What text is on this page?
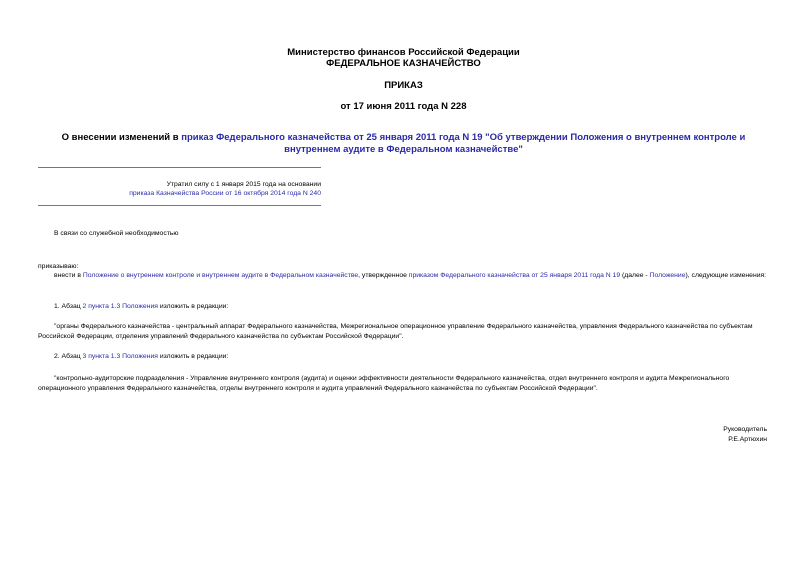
Министерство финансов Российской Федерации
ФЕДЕРАЛЬНОЕ КАЗНАЧЕЙСТВО
ПРИКАЗ
от 17 июня 2011 года N 228
О внесении изменений в приказ Федерального казначейства от 25 января 2011 года N 19 "Об утверждении Положения о внутреннем контроле и внутреннем аудите в Федеральном казначействе"
Утратил силу с 1 января 2015 года на основании
приказа Казначейства России от 16 октября 2014 года N 240
В связи со служебной необходимостью
приказываю:
внести в Положение о внутреннем контроле и внутреннем аудите в Федеральном казначействе, утвержденное приказом Федерального казначейства от 25 января 2011 года N 19 (далее - Положение), следующие изменения:
1. Абзац 2 пункта 1.3 Положения изложить в редакции:
"органы Федерального казначейства - центральный аппарат Федерального казначейства, Межрегиональное операционное управление Федерального казначейства, управления Федерального казначейства по субъектам Российской Федерации, отделения управлений Федерального казначейства по субъектам Российской Федерации".
2. Абзац 3 пункта 1.3 Положения изложить в редакции:
"контрольно-аудиторские подразделения - Управление внутреннего контроля (аудита) и оценки эффективности деятельности Федерального казначейства, отдел внутреннего контроля и аудита Межрегионального операционного управления Федерального казначейства, отделы внутреннего контроля и аудита управлений Федерального казначейства по субъектам Российской Федерации".
Руководитель
Р.Е.Артюхин
